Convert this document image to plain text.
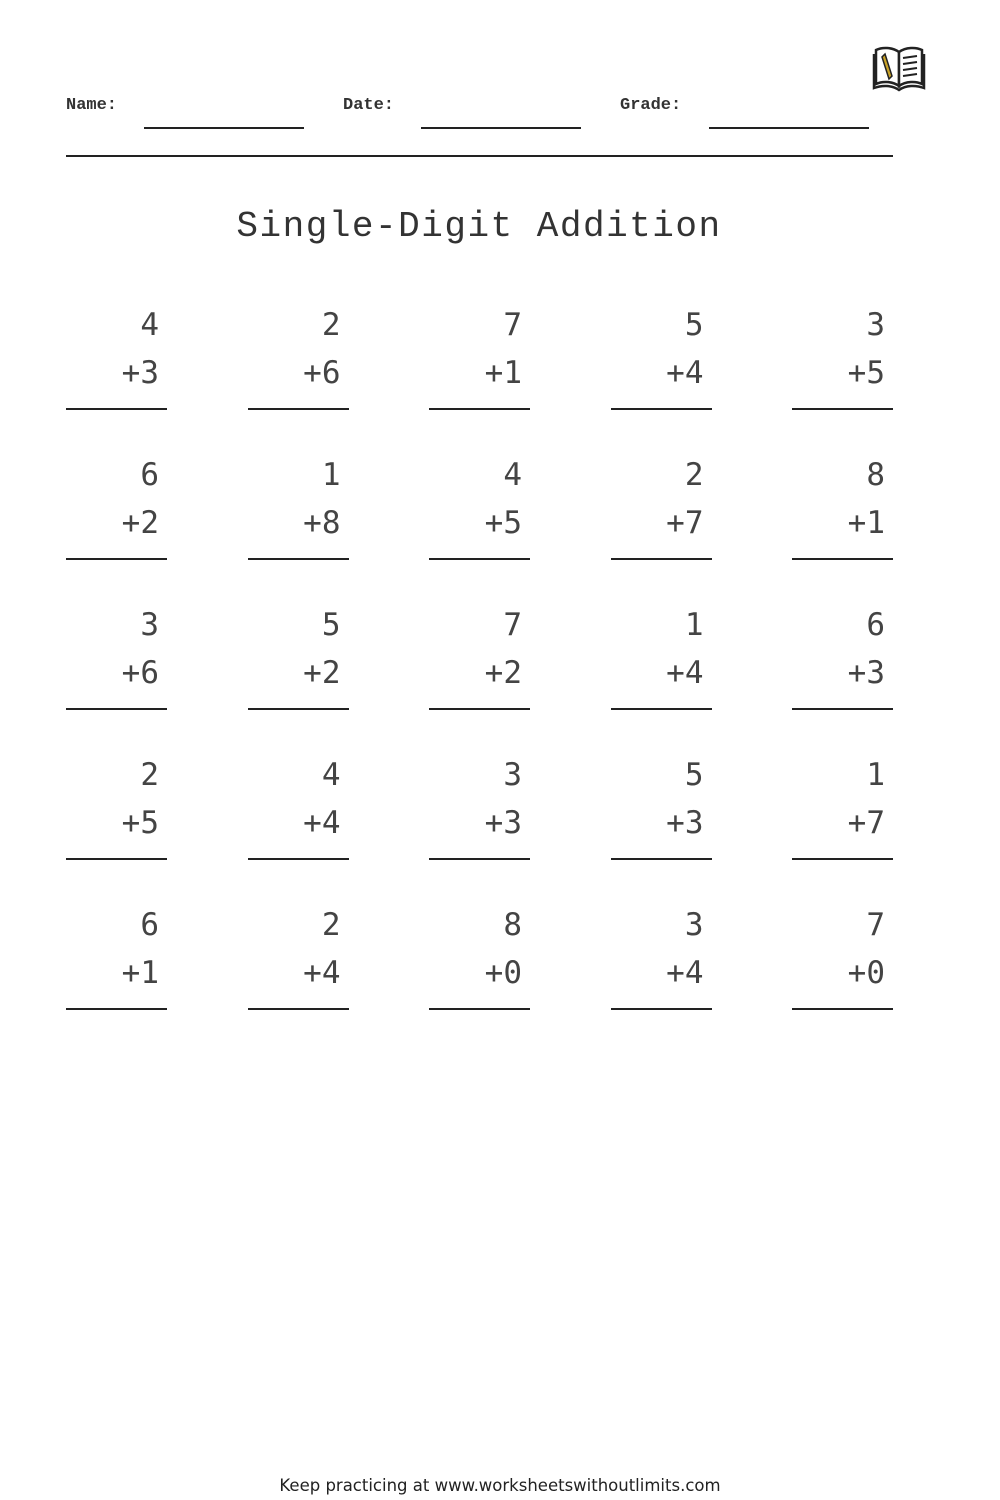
Name:	Date:	Grade:
Single-Digit Addition
4
+3
2
+6
7
+1
5
+4
3
+5
6
+2
1
+8
4
+5
2
+7
8
+1
3
+6
5
+2
7
+2
1
+4
6
+3
2
+5
4
+4
3
+3
5
+3
1
+7
6
+1
2
+4
8
+0
3
+4
7
+0
Keep practicing at www.worksheetswithoutlimits.com
